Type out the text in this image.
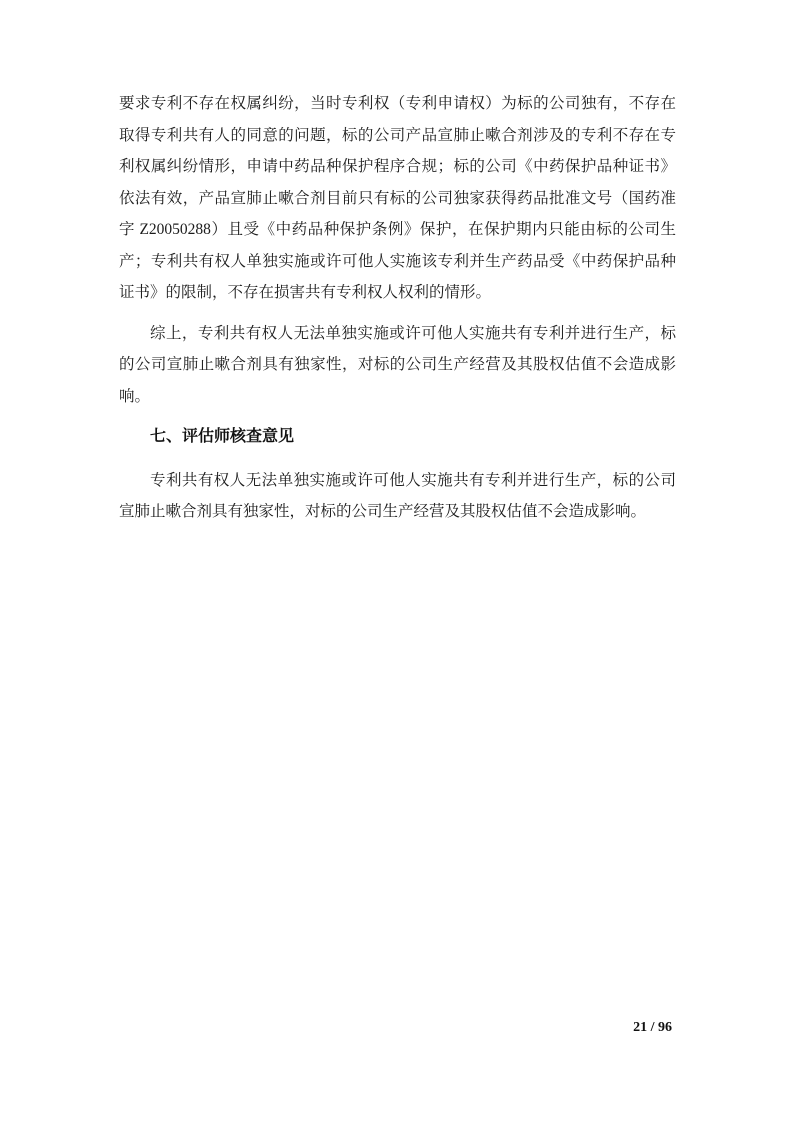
要求专利不存在权属纠纷，当时专利权（专利申请权）为标的公司独有，不存在
取得专利共有人的同意的问题，标的公司产品宣肺止嗽合剂涉及的专利不存在专
利权属纠纷情形，申请中药品种保护程序合规；标的公司《中药保护品种证书》
依法有效，产品宣肺止嗽合剂目前只有标的公司独家获得药品批准文号（国药准
字 Z20050288）且受《中药品种保护条例》保护，在保护期内只能由标的公司生
产；专利共有权人单独实施或许可他人实施该专利并生产药品受《中药保护品种
证书》的限制，不存在损害共有专利权人权利的情形。
综上，专利共有权人无法单独实施或许可他人实施共有专利并进行生产，标
的公司宣肺止嗽合剂具有独家性，对标的公司生产经营及其股权估值不会造成影
响。
七、评估师核查意见
专利共有权人无法单独实施或许可他人实施共有专利并进行生产，标的公司
宣肺止嗽合剂具有独家性，对标的公司生产经营及其股权估值不会造成影响。
21 / 96
